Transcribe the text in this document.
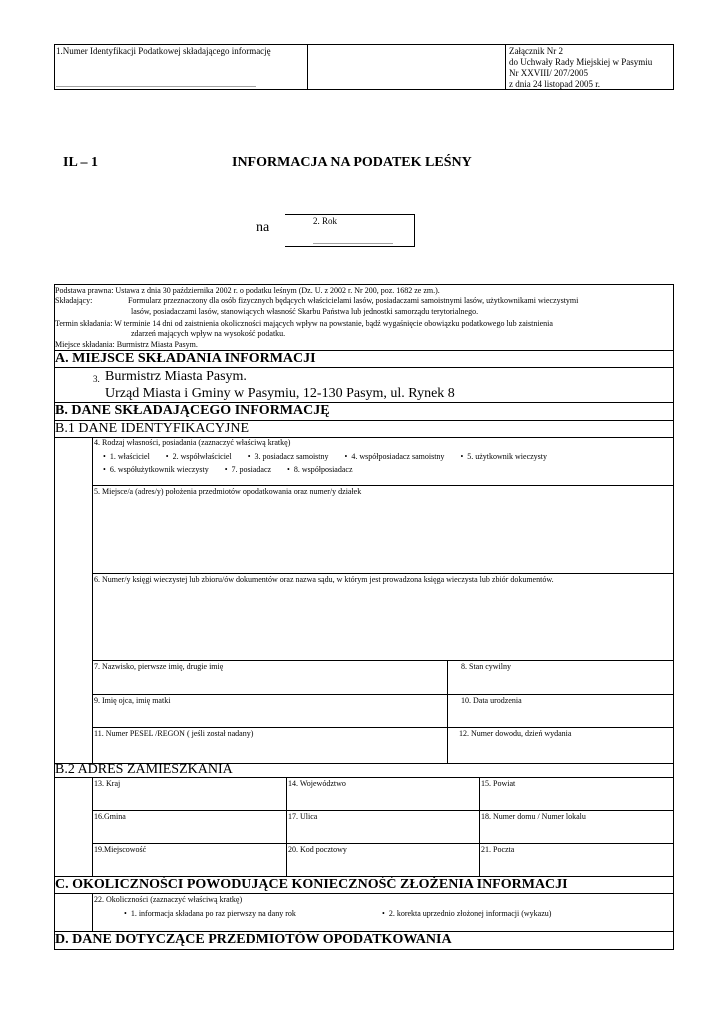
1.Numer Identyfikacji Podatkowej składającego informację
....................................................................................................
Załącznik Nr 2
do Uchwały Rady Miejskiej w Pasymiu
Nr XXVIII/ 207/2005
z dnia 24 listopad 2005 r.
IL – 1	INFORMACJA NA PODATEK LEŚNY
na	2. Rok
........................................
Podstawa prawna: Ustawa z dnia 30 października 2002 r. o podatku leśnym (Dz. U. z 2002 r. Nr 200, poz. 1682 ze zm.).
Składający:	Formularz przeznaczony dla osób fizycznych będących właścicielami lasów, posiadaczami samoistnymi lasów, użytkownikami wieczystymi
lasów, posiadaczami lasów, stanowiących własność Skarbu Państwa lub jednostki samorządu terytorialnego.
Termin składania: W terminie 14 dni od zaistnienia okoliczności mających wpływ na powstanie, bądź wygaśnięcie obowiązku podatkowego lub zaistnienia
zdarzeń mających wpływ na wysokość podatku.
Miejsce składania: Burmistrz Miasta Pasym.
A. MIEJSCE SKŁADANIA INFORMACJI
3. Burmistrz Miasta Pasym.
Urząd Miasta i Gminy w Pasymiu, 12-130 Pasym, ul. Rynek 8
B. DANE SKŁADAJĄCEGO INFORMACJĘ
B.1 DANE IDENTYFIKACYJNE
4. Rodzaj własności, posiadania (zaznaczyć właściwą kratkę)
• 1. właściciel	• 2. współwłaściciel	• 3. posiadacz samoistny	• 4. współposiadacz samoistny	• 5. użytkownik wieczysty
• 6. współużytkownik wieczysty	• 7. posiadacz	• 8. współposiadacz
5. Miejsce/a (adres/y) położenia przedmiotów opodatkowania oraz numer/y działek
6. Numer/y księgi wieczystej lub zbioru/ów dokumentów oraz nazwa sądu, w którym jest prowadzona księga wieczysta lub zbiór dokumentów.
7. Nazwisko, pierwsze imię, drugie imię	8. Stan cywilny
9. Imię ojca, imię matki	10. Data urodzenia
11. Numer PESEL /REGON ( jeśli został nadany)	12. Numer dowodu, dzień wydania
B.2 ADRES ZAMIESZKANIA
13. Kraj	14. Województwo	15. Powiat
16.Gmina	17. Ulica	18. Numer domu / Numer lokalu
19.Miejscowość	20. Kod pocztowy	21. Poczta
C. OKOLICZNOŚCI POWODUJĄCE KONIECZNOŚĆ ZŁOŻENIA INFORMACJI
22. Okoliczności (zaznaczyć właściwą kratkę)
• 1. informacja składana po raz pierwszy na dany rok	• 2. korekta uprzednio złożonej informacji (wykazu)
D. DANE DOTYCZĄCE PRZEDMIOTÓW OPODATKOWANIA
